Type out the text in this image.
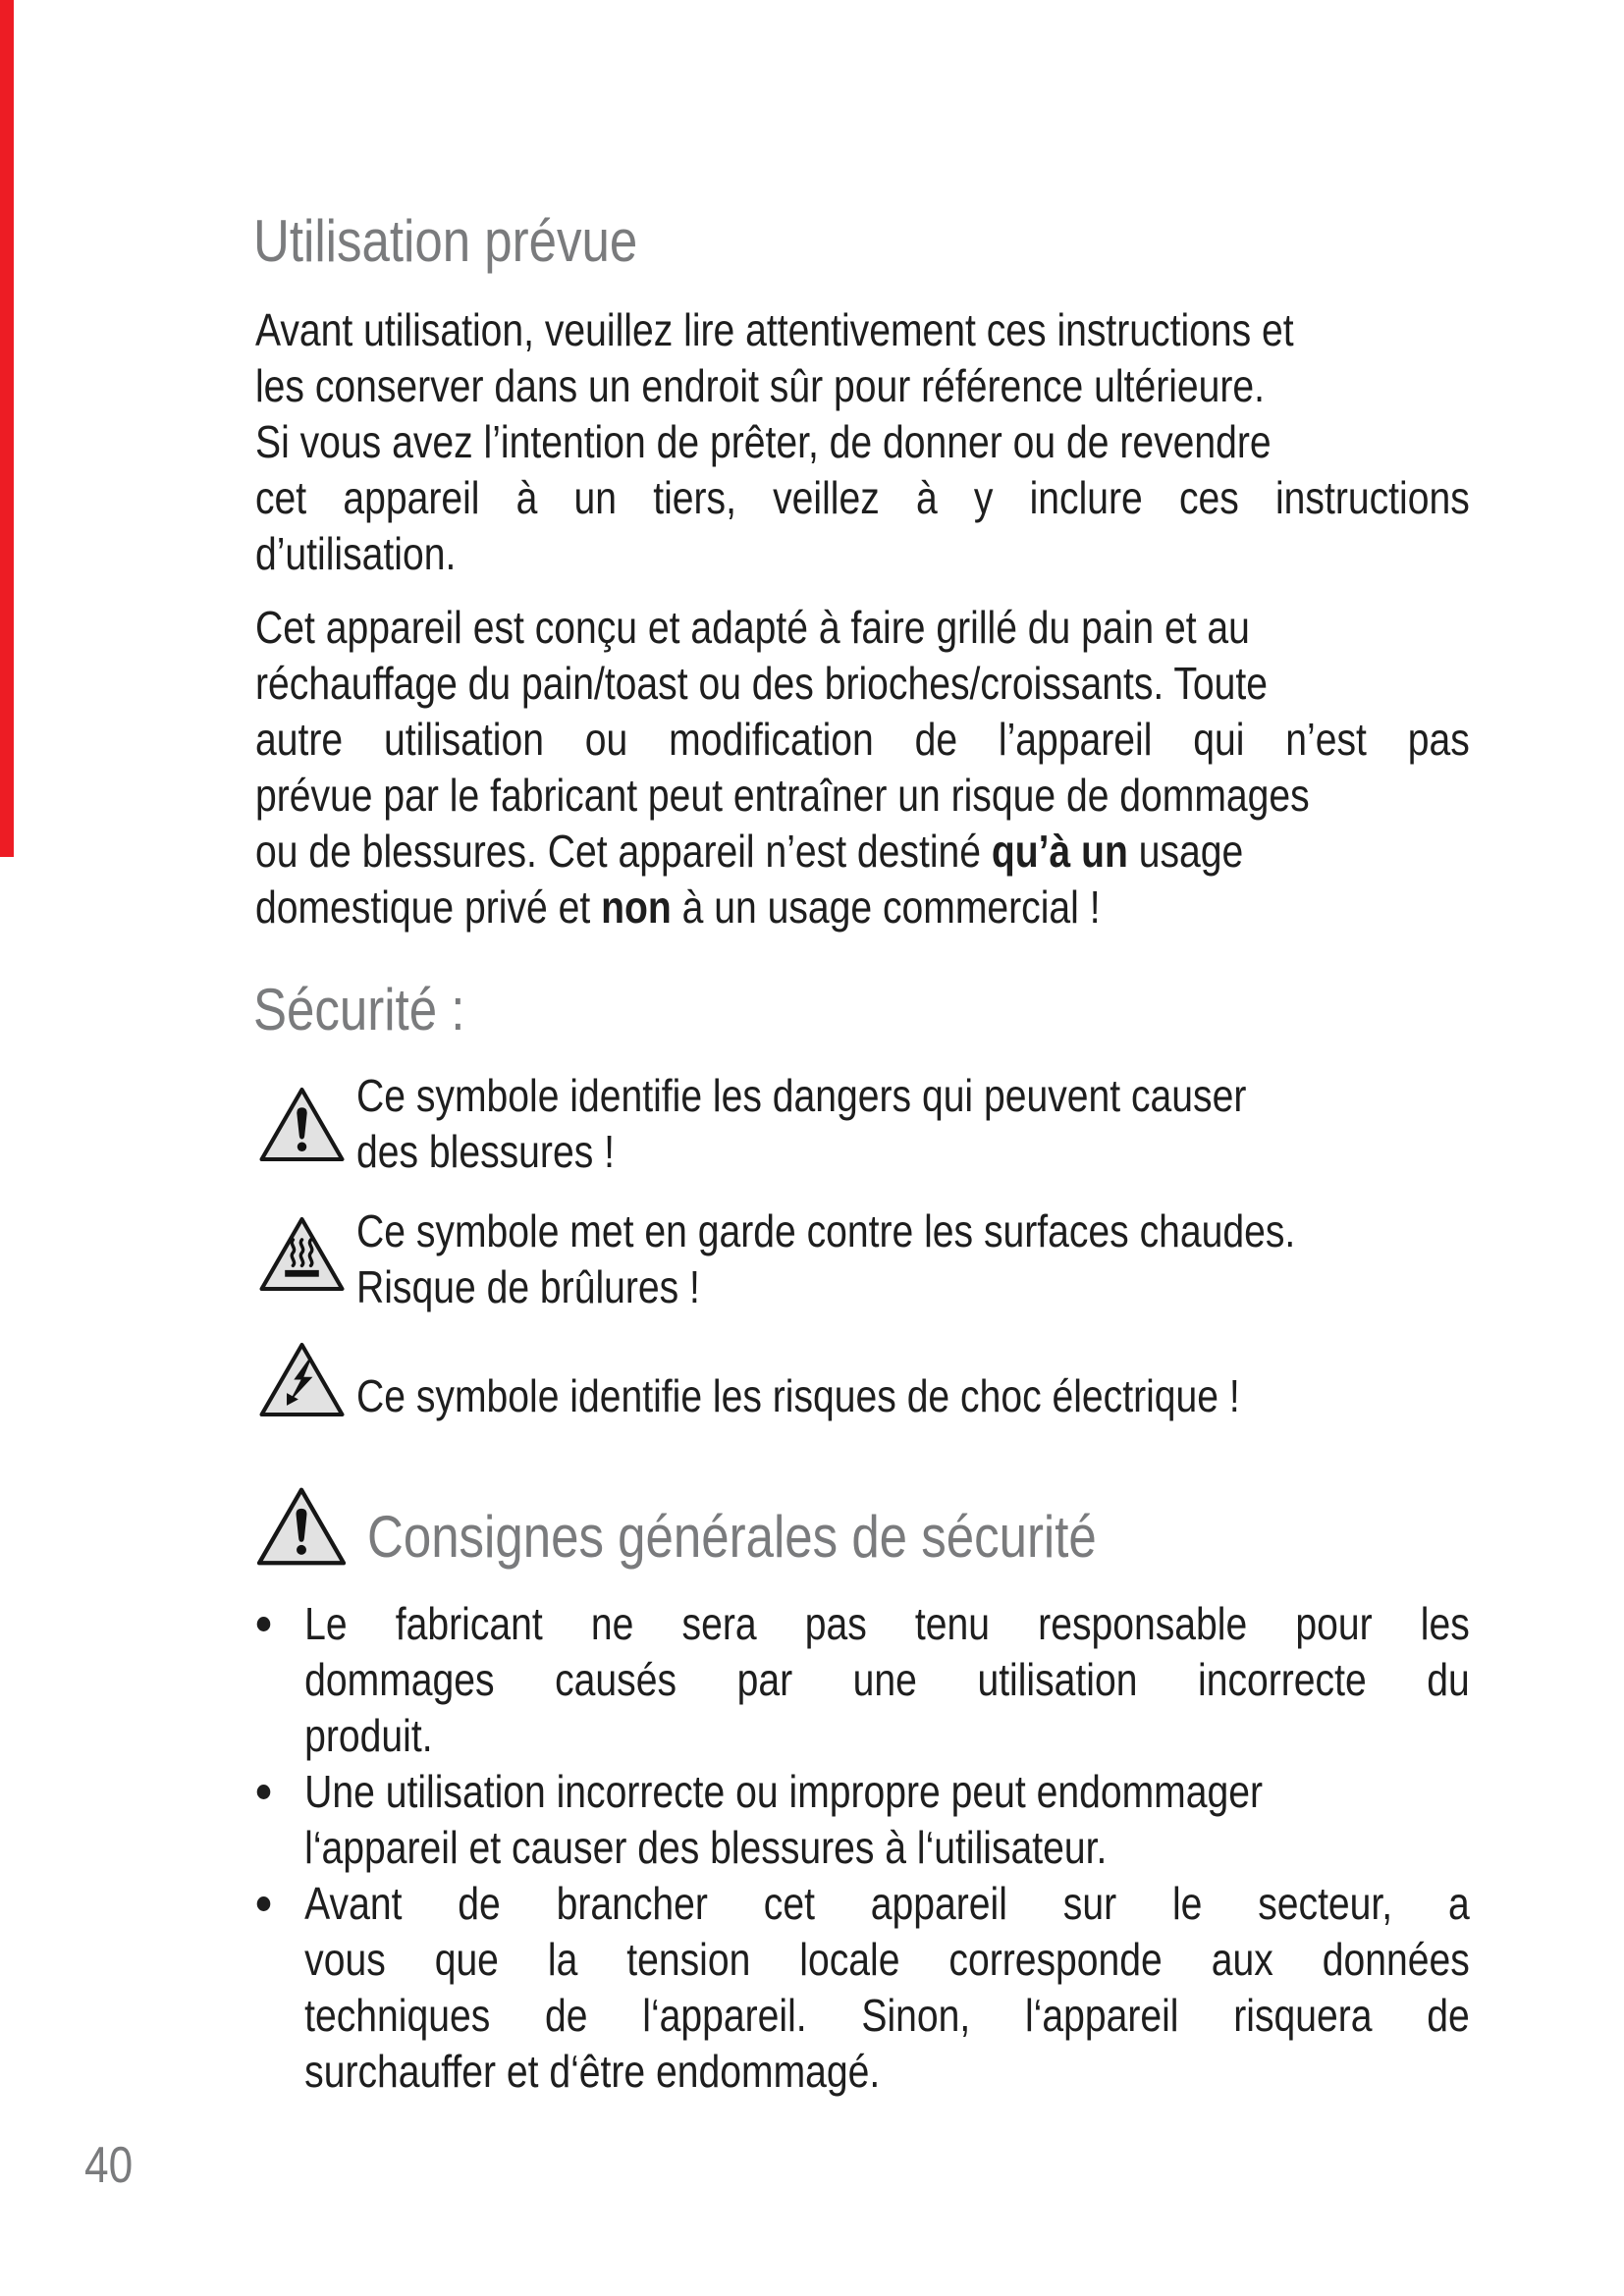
Utilisation prévue
Avant utilisation, veuillez lire attentivement ces instructions et
les conserver dans un endroit sûr pour référence ultérieure.
Si vous avez l’intention de prêter, de donner ou de revendre
cet appareil à un tiers, veillez à y inclure ces instructions
d’utilisation.
Cet appareil est conçu et adapté à faire grillé du pain et au
réchauffage du pain/toast ou des brioches/croissants. Toute
autre utilisation ou modification de l’appareil qui n’est pas
prévue par le fabricant peut entraîner un risque de dommages
ou de blessures. Cet appareil n’est destiné qu’à un usage
domestique privé et non à un usage commercial !
Sécurité :
Ce symbole identifie les dangers qui peuvent causer
des blessures !
Ce symbole met en garde contre les surfaces chaudes.
Risque de brûlures !
Ce symbole identifie les risques de choc électrique !
Consignes générales de sécurité
Le fabricant ne sera pas tenu responsable pour les
dommages causés par une utilisation incorrecte du
produit.
Une utilisation incorrecte ou impropre peut endommager
l‘appareil et causer des blessures à l‘utilisateur.
Avant de brancher cet appareil sur le secteur, a
vous que la tension locale corresponde aux données
techniques de l‘appareil. Sinon, l‘appareil risquera de
surchauffer et d‘être endommagé.
40
